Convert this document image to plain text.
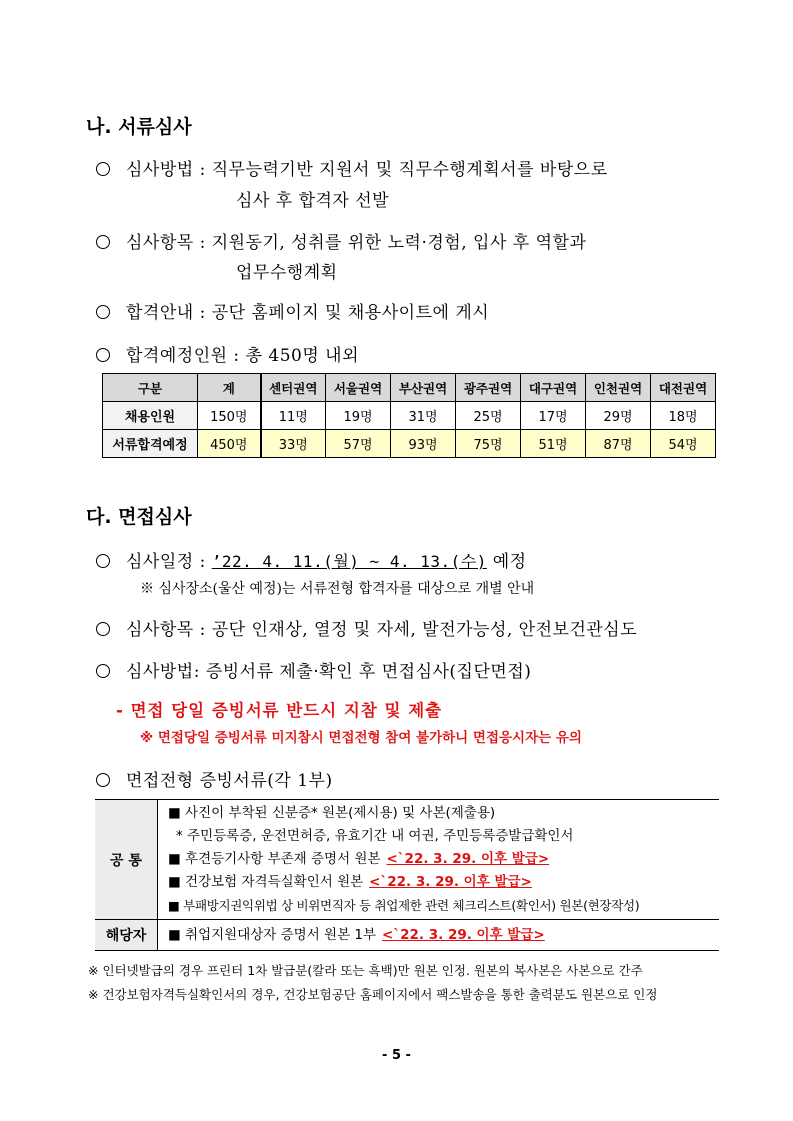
나. 서류심사
심사방법 : 직무능력기반 지원서 및 직무수행계획서를 바탕으로
심사 후 합격자 선발
심사항목 : 지원동기, 성취를 위한 노력·경험, 입사 후 역할과
업무수행계획
합격안내 : 공단 홈페이지 및 채용사이트에 게시
합격예정인원 : 총 450명 내외
구분	계	센터권역	서울권역	부산권역	광주권역	대구권역	인천권역	대전권역
채용인원	150명	11명	19명	31명	25명	17명	29명	18명
서류합격예정	450명	33명	57명	93명	75명	51명	87명	54명
다. 면접심사
심사일정 : ’22. 4. 11.(월) ~ 4. 13.(수) 예정
※ 심사장소(울산 예정)는 서류전형 합격자를 대상으로 개별 안내
심사항목 : 공단 인재상, 열정 및 자세, 발전가능성, 안전보건관심도
심사방법: 증빙서류 제출·확인 후 면접심사(집단면접)
- 면접 당일 증빙서류 반드시 지참 및 제출
※ 면접당일 증빙서류 미지참시 면접전형 참여 불가하니 면접응시자는 유의
면접전형 증빙서류(각 1부)
공 통	■ 사진이 부착된 신분증* 원본(제시용) 및 사본(제출용)
* 주민등록증, 운전면허증, 유효기간 내 여권, 주민등록증발급확인서
■ 후견등기사항 부존재 증명서 원본 <`22. 3. 29. 이후 발급>
■ 건강보험 자격득실확인서 원본 <`22. 3. 29. 이후 발급>
■ 부패방지권익위법 상 비위면직자 등 취업제한 관련 체크리스트(확인서) 원본(현장작성)

해당자	■ 취업지원대상자 증명서 원본 1부 <`22. 3. 29. 이후 발급>
※ 인터넷발급의 경우 프린터 1차 발급분(칼라 또는 흑백)만 원본 인정. 원본의 복사본은 사본으로 간주
※ 건강보험자격득실확인서의 경우, 건강보험공단 홈페이지에서 팩스발송을 통한 출력분도 원본으로 인정
- 5 -
